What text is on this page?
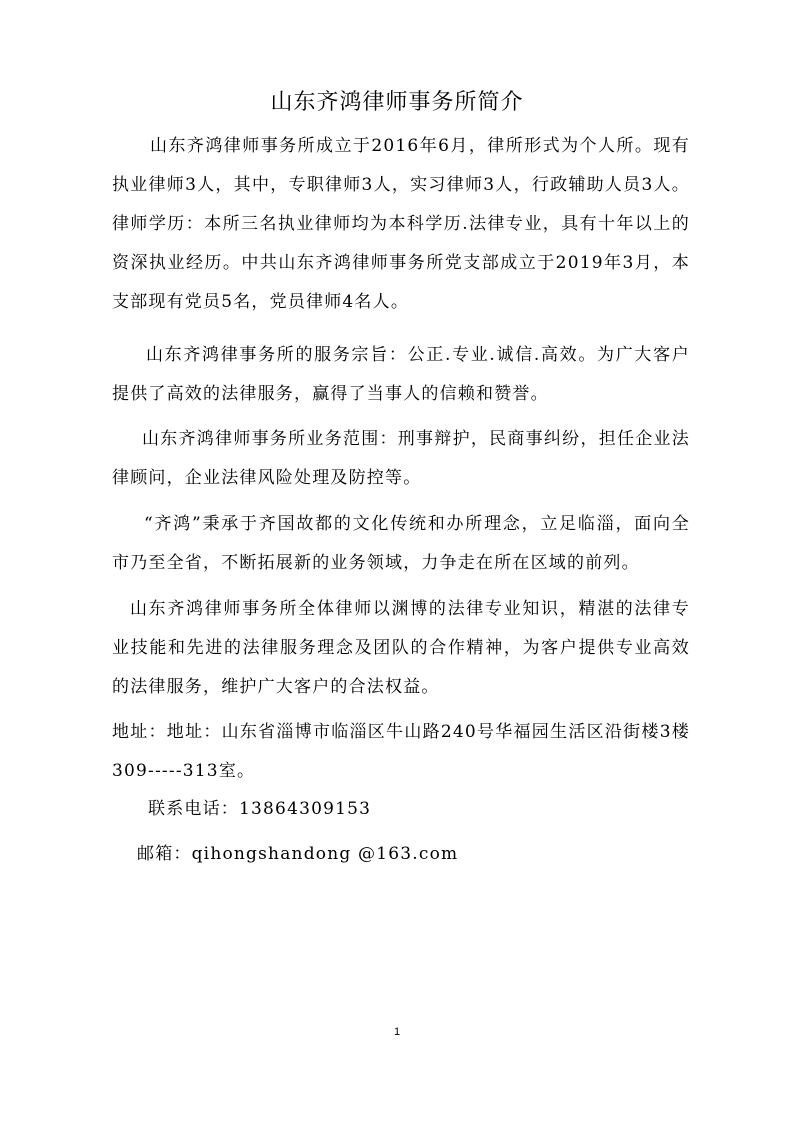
山东齐鸿律师事务所简介

山东齐鸿律师事务所成立于2016年6月，律所形式为个人所。现有执业律师3人，其中，专职律师3人，实习律师3人，行政辅助人员3人。律师学历：本所三名执业律师均为本科学历.法律专业，具有十年以上的资深执业经历。中共山东齐鸿律师事务所党支部成立于2019年3月，本支部现有党员5名，党员律师4名人。

山东齐鸿律事务所的服务宗旨：公正.专业.诚信.高效。为广大客户提供了高效的法律服务，赢得了当事人的信赖和赞誉。

山东齐鸿律师事务所业务范围：刑事辩护，民商事纠纷，担任企业法律顾问，企业法律风险处理及防控等。

“齐鸿”秉承于齐国故都的文化传统和办所理念，立足临淄，面向全市乃至全省，不断拓展新的业务领域，力争走在所在区域的前列。

山东齐鸿律师事务所全体律师以渊博的法律专业知识，精湛的法律专业技能和先进的法律服务理念及团队的合作精神，为客户提供专业高效的法律服务，维护广大客户的合法权益。

地址：地址：山东省淄博市临淄区牛山路240号华福园生活区沿街楼3楼309-----313室。

联系电话：13864309153

邮箱：qihongshandong @163.com

1
